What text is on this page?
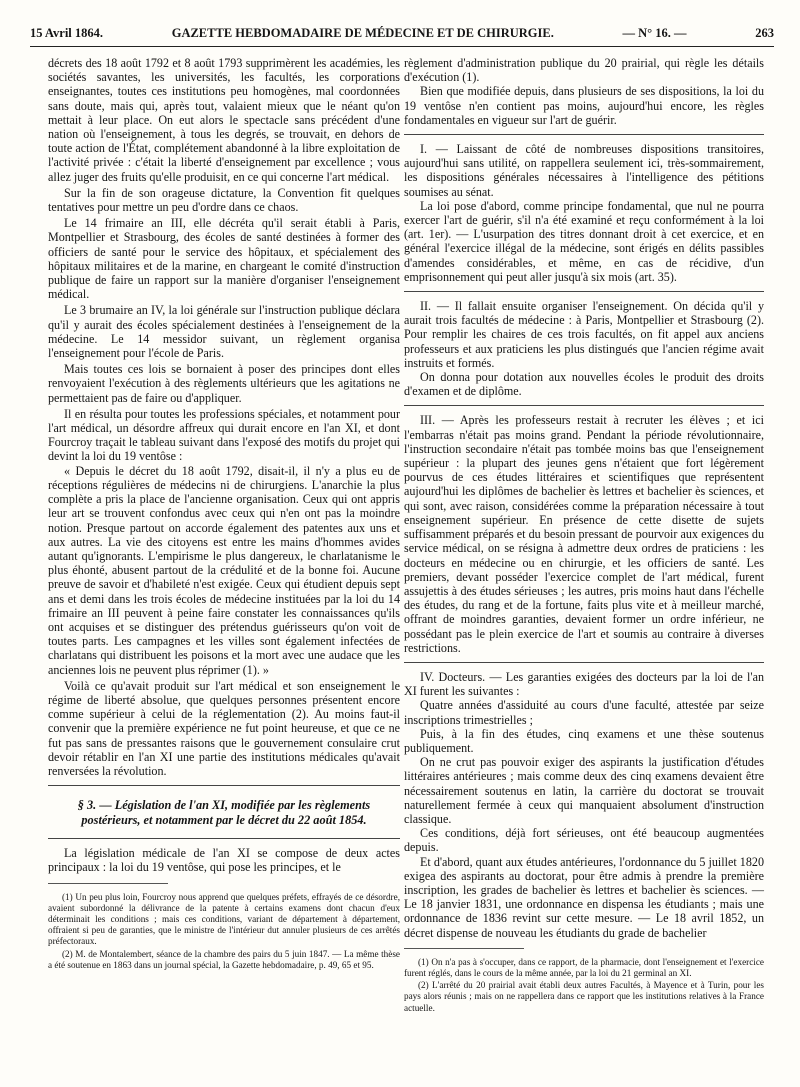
15 Avril 1864.	GAZETTE HEBDOMADAIRE DE MÉDECINE ET DE CHIRURGIE.	— N° 16. —	263

décrets des 18 août 1792 et 8 août 1793 supprimèrent les académies, les sociétés savantes, les universités, les facultés, les corporations enseignantes, toutes ces institutions peu homogènes, mal coordonnées sans doute, mais qui, après tout, valaient mieux que le néant qu'on mettait à leur place. On eut alors le spectacle sans précédent d'une nation où l'enseignement, à tous les degrés, se trouvait, en dehors de toute action de l'État, complétement abandonné à la libre exploitation de l'activité privée : c'était la liberté d'enseignement par excellence ; vous allez juger des fruits qu'elle produisit, en ce qui concerne l'art médical.

Sur la fin de son orageuse dictature, la Convention fit quelques tentatives pour mettre un peu d'ordre dans ce chaos.

Le 14 frimaire an III, elle décréta qu'il serait établi à Paris, Montpellier et Strasbourg, des écoles de santé destinées à former des officiers de santé pour le service des hôpitaux, et spécialement des hôpitaux militaires et de la marine, en chargeant le comité d'instruction publique de faire un rapport sur la manière d'organiser l'enseignement médical.

Le 3 brumaire an IV, la loi générale sur l'instruction publique déclara qu'il y aurait des écoles spécialement destinées à l'enseignement de la médecine. Le 14 messidor suivant, un règlement organisa l'enseignement pour l'école de Paris.

Mais toutes ces lois se bornaient à poser des principes dont elles renvoyaient l'exécution à des règlements ultérieurs que les agitations ne permettaient pas de faire ou d'appliquer.

Il en résulta pour toutes les professions spéciales, et notamment pour l'art médical, un désordre affreux qui durait encore en l'an XI, et dont Fourcroy traçait le tableau suivant dans l'exposé des motifs du projet qui devint la loi du 19 ventôse :

« Depuis le décret du 18 août 1792, disait-il, il n'y a plus eu de réceptions régulières de médecins ni de chirurgiens. L'anarchie la plus complète a pris la place de l'ancienne organisation. Ceux qui ont appris leur art se trouvent confondus avec ceux qui n'en ont pas la moindre notion. Presque partout on accorde également des patentes aux uns et aux autres. La vie des citoyens est entre les mains d'hommes avides autant qu'ignorants. L'empirisme le plus dangereux, le charlatanisme le plus éhonté, abusent partout de la crédulité et de la bonne foi. Aucune preuve de savoir et d'habileté n'est exigée. Ceux qui étudient depuis sept ans et demi dans les trois écoles de médecine instituées par la loi du 14 frimaire an III peuvent à peine faire constater les connaissances qu'ils ont acquises et se distinguer des prétendus guérisseurs qu'on voit de toutes parts. Les campagnes et les villes sont également infectées de charlatans qui distribuent les poisons et la mort avec une audace que les anciennes lois ne peuvent plus réprimer (1). »

Voilà ce qu'avait produit sur l'art médical et son enseignement le régime de liberté absolue, que quelques personnes présentent encore comme supérieur à celui de la réglementation (2). Au moins faut-il convenir que la première expérience ne fut point heureuse, et que ce ne fut pas sans de pressantes raisons que le gouvernement consulaire crut devoir rétablir en l'an XI une partie des institutions médicales qu'avait renversées la révolution.

§ 3. — Législation de l'an XI, modifiée par les règlements postérieurs, et notamment par le décret du 22 août 1854.

La législation médicale de l'an XI se compose de deux actes principaux : la loi du 19 ventôse, qui pose les principes, et le

(1) Un peu plus loin, Fourcroy nous apprend que quelques préfets, effrayés de ce désordre, avaient subordonné la délivrance de la patente à certains examens dont chacun d'eux déterminait les conditions ; mais ces conditions, variant de département à département, offraient si peu de garanties, que le ministre de l'intérieur dut annuler plusieurs de ces arrêtés préfectoraux.

(2) M. de Montalembert, séance de la chambre des pairs du 5 juin 1847. — La même thèse a été soutenue en 1863 dans un journal spécial, la Gazette hebdomadaire, p. 49, 65 et 95.

règlement d'administration publique du 20 prairial, qui règle les détails d'exécution (1).

Bien que modifiée depuis, dans plusieurs de ses dispositions, la loi du 19 ventôse n'en contient pas moins, aujourd'hui encore, les règles fondamentales en vigueur sur l'art de guérir.

I. — Laissant de côté de nombreuses dispositions transitoires, aujourd'hui sans utilité, on rappellera seulement ici, très-sommairement, les dispositions générales nécessaires à l'intelligence des pétitions soumises au sénat.

La loi pose d'abord, comme principe fondamental, que nul ne pourra exercer l'art de guérir, s'il n'a été examiné et reçu conformément à la loi (art. 1er). — L'usurpation des titres donnant droit à cet exercice, et en général l'exercice illégal de la médecine, sont érigés en délits passibles d'amendes considérables, et même, en cas de récidive, d'un emprisonnement qui peut aller jusqu'à six mois (art. 35).

II. — Il fallait ensuite organiser l'enseignement. On décida qu'il y aurait trois facultés de médecine : à Paris, Montpellier et Strasbourg (2). Pour remplir les chaires de ces trois facultés, on fit appel aux anciens professeurs et aux praticiens les plus distingués que l'ancien régime avait instruits et formés.

On donna pour dotation aux nouvelles écoles le produit des droits d'examen et de diplôme.

III. — Après les professeurs restait à recruter les élèves ; et ici l'embarras n'était pas moins grand. Pendant la période révolutionnaire, l'instruction secondaire n'était pas tombée moins bas que l'enseignement supérieur : la plupart des jeunes gens n'étaient que fort légèrement pourvus de ces études littéraires et scientifiques que représentent aujourd'hui les diplômes de bachelier ès lettres et bachelier ès sciences, et qui sont, avec raison, considérées comme la préparation nécessaire à tout enseignement supérieur. En présence de cette disette de sujets suffisamment préparés et du besoin pressant de pourvoir aux exigences du service médical, on se résigna à admettre deux ordres de praticiens : les docteurs en médecine ou en chirurgie, et les officiers de santé. Les premiers, devant posséder l'exercice complet de l'art médical, furent assujettis à des études sérieuses ; les autres, pris moins haut dans l'échelle des études, du rang et de la fortune, faits plus vite et à meilleur marché, offrant de moindres garanties, devaient former un ordre inférieur, ne possédant pas le plein exercice de l'art et soumis au contraire à diverses restrictions.

IV. Docteurs. — Les garanties exigées des docteurs par la loi de l'an XI furent les suivantes :

Quatre années d'assiduité au cours d'une faculté, attestée par seize inscriptions trimestrielles ;

Puis, à la fin des études, cinq examens et une thèse soutenus publiquement.

On ne crut pas pouvoir exiger des aspirants la justification d'études littéraires antérieures ; mais comme deux des cinq examens devaient être nécessairement soutenus en latin, la carrière du doctorat se trouvait naturellement fermée à ceux qui manquaient absolument d'instruction classique.

Ces conditions, déjà fort sérieuses, ont été beaucoup augmentées depuis.

Et d'abord, quant aux études antérieures, l'ordonnance du 5 juillet 1820 exigea des aspirants au doctorat, pour être admis à prendre la première inscription, les grades de bachelier ès lettres et bachelier ès sciences. — Le 18 janvier 1831, une ordonnance en dispensa les étudiants ; mais une ordonnance de 1836 revint sur cette mesure. — Le 18 avril 1852, un décret dispense de nouveau les étudiants du grade de bachelier

(1) On n'a pas à s'occuper, dans ce rapport, de la pharmacie, dont l'enseignement et l'exercice furent réglés, dans le cours de la même année, par la loi du 21 germinal an XI.

(2) L'arrêté du 20 prairial avait établi deux autres Facultés, à Mayence et à Turin, pour les pays alors réunis ; mais on ne rappellera dans ce rapport que les institutions relatives à la France actuelle.
